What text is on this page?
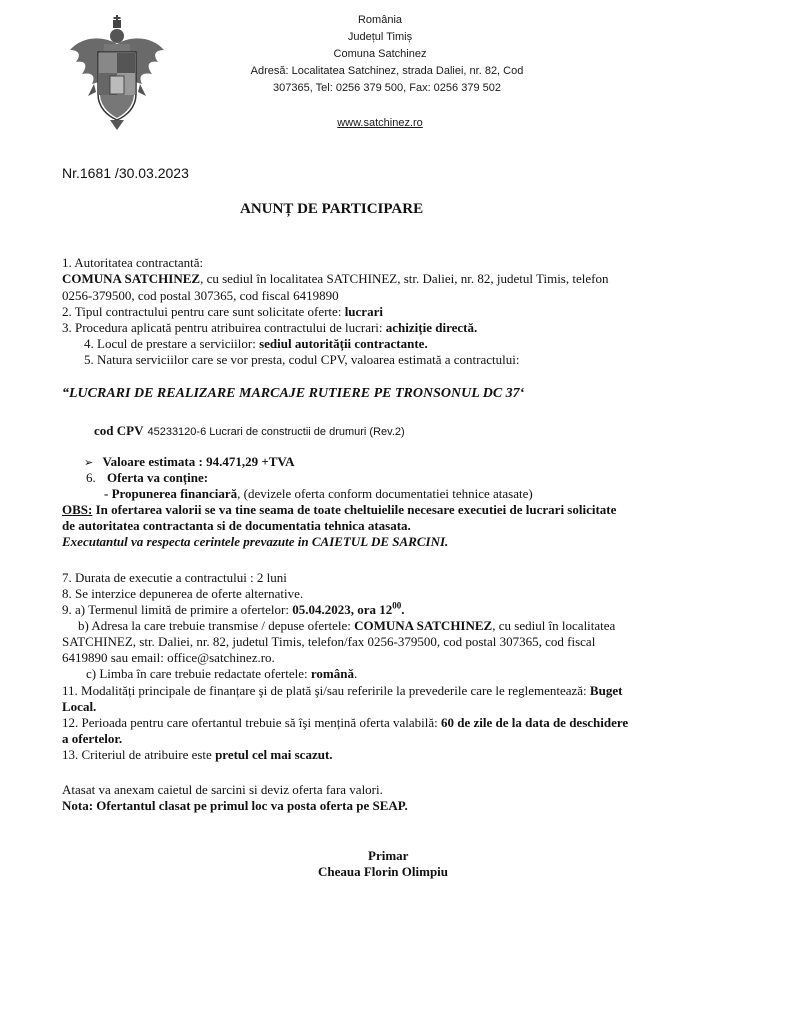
România
Județul Timiș
Comuna Satchinez
Adresă: Localitatea Satchinez, strada Daliei, nr. 82, Cod
307365, Tel: 0256 379 500, Fax: 0256 379 502
www.satchinez.ro
Nr.1681 /30.03.2023
ANUNȚ DE PARTICIPARE
1. Autoritatea contractantă:
COMUNA SATCHINEZ, cu sediul în localitatea SATCHINEZ, str. Daliei, nr. 82, judetul Timis, telefon
0256-379500, cod postal 307365, cod fiscal 6419890
2. Tipul contractului pentru care sunt solicitate oferte: lucrari
3. Procedura aplicată pentru atribuirea contractului de lucrari: achiziție directă.
4. Locul de prestare a serviciilor: sediul autorității contractante.
5. Natura serviciilor care se vor presta, codul CPV, valoarea estimată a contractului:
“LUCRARI DE REALIZARE MARCAJE RUTIERE PE TRONSONUL DC 37‘
cod CPV 45233120-6 Lucrari de constructii de drumuri (Rev.2)
➢ Valoare estimata : 94.471,29 +TVA
6. Oferta va conține:
- Propunerea financiară, (devizele oferta conform documentatiei tehnice atasate)
OBS: In ofertarea valorii se va tine seama de toate cheltuielile necesare executiei de lucrari solicitate
de autoritatea contractanta si de documentatia tehnica atasata.
Executantul va respecta cerintele prevazute in CAIETUL DE SARCINI.
7. Durata de executie a contractului : 2 luni
8. Se interzice depunerea de oferte alternative.
9. a) Termenul limită de primire a ofertelor: 05.04.2023, ora $12^{00}$.
b) Adresa la care trebuie transmise / depuse ofertele: COMUNA SATCHINEZ, cu sediul în localitatea
SATCHINEZ, str. Daliei, nr. 82, judetul Timis, telefon/fax 0256-379500, cod postal 307365, cod fiscal
6419890 sau email: office@satchinez.ro.
c) Limba în care trebuie redactate ofertele: română.
11. Modalități principale de finanțare şi de plată şi/sau referirile la prevederile care le reglementează: Buget
Local.
12. Perioada pentru care ofertantul trebuie să îşi mențină oferta valabilă: 60 de zile de la data de deschidere
a ofertelor.
13. Criteriul de atribuire este pretul cel mai scazut.
Atasat va anexam caietul de sarcini si deviz oferta fara valori.
Nota: Ofertantul clasat pe primul loc va posta oferta pe SEAP.
Primar
Cheaua Florin Olimpiu
